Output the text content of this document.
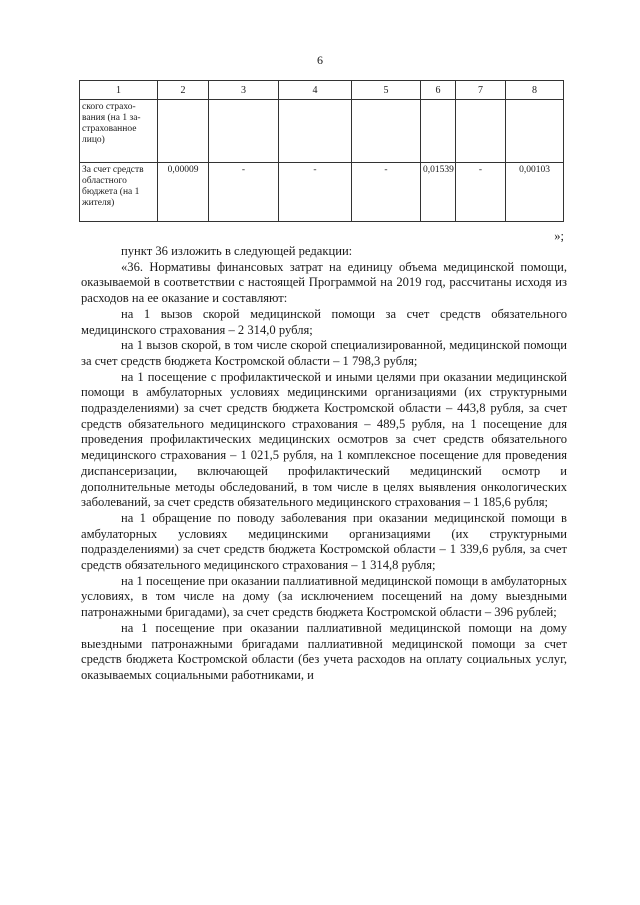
6
1	2	3	4	5	6	7	8
ского страхо-вания (на 1 за-страхованное лицо)							
За счет средств областного бюджета (на 1 жителя)	0,00009	-	-	-	0,01539	-	0,00103
»;

пункт 36 изложить в следующей редакции:

«36. Нормативы финансовых затрат на единицу объема медицинской помощи, оказываемой в соответствии с настоящей Программой на 2019 год, рассчитаны исходя из расходов на ее оказание и составляют:

на 1 вызов скорой медицинской помощи за счет средств обязательного медицинского страхования – 2 314,0 рубля;

на 1 вызов скорой, в том числе скорой специализированной, медицинской помощи за счет средств бюджета Костромской области – 1 798,3 рубля;

на 1 посещение с профилактической и иными целями при оказании медицинской помощи в амбулаторных условиях медицинскими организациями (их структурными подразделениями) за счет средств бюджета Костромской области – 443,8 рубля, за счет средств обязательного медицинского страхования – 489,5 рубля, на 1 посещение для проведения профилактических медицинских осмотров за счет средств обязательного медицинского страхования – 1 021,5 рубля, на 1 комплексное посещение для проведения диспансеризации, включающей профилактический медицинский осмотр и дополнительные методы обследований, в том числе в целях выявления онкологических заболеваний, за счет средств обязательного медицинского страхования – 1 185,6 рубля;

на 1 обращение по поводу заболевания при оказании медицинской помощи в амбулаторных условиях медицинскими организациями (их структурными подразделениями) за счет средств бюджета Костромской области – 1 339,6 рубля, за счет средств обязательного медицинского страхования – 1 314,8 рубля;

на 1 посещение при оказании паллиативной медицинской помощи в амбулаторных условиях, в том числе на дому (за исключением посещений на дому выездными патронажными бригадами), за счет средств бюджета Костромской области – 396 рублей;

на 1 посещение при оказании паллиативной медицинской помощи на дому выездными патронажными бригадами паллиативной медицинской помощи за счет средств бюджета Костромской области (без учета расходов на оплату социальных услуг, оказываемых социальными работниками, и
